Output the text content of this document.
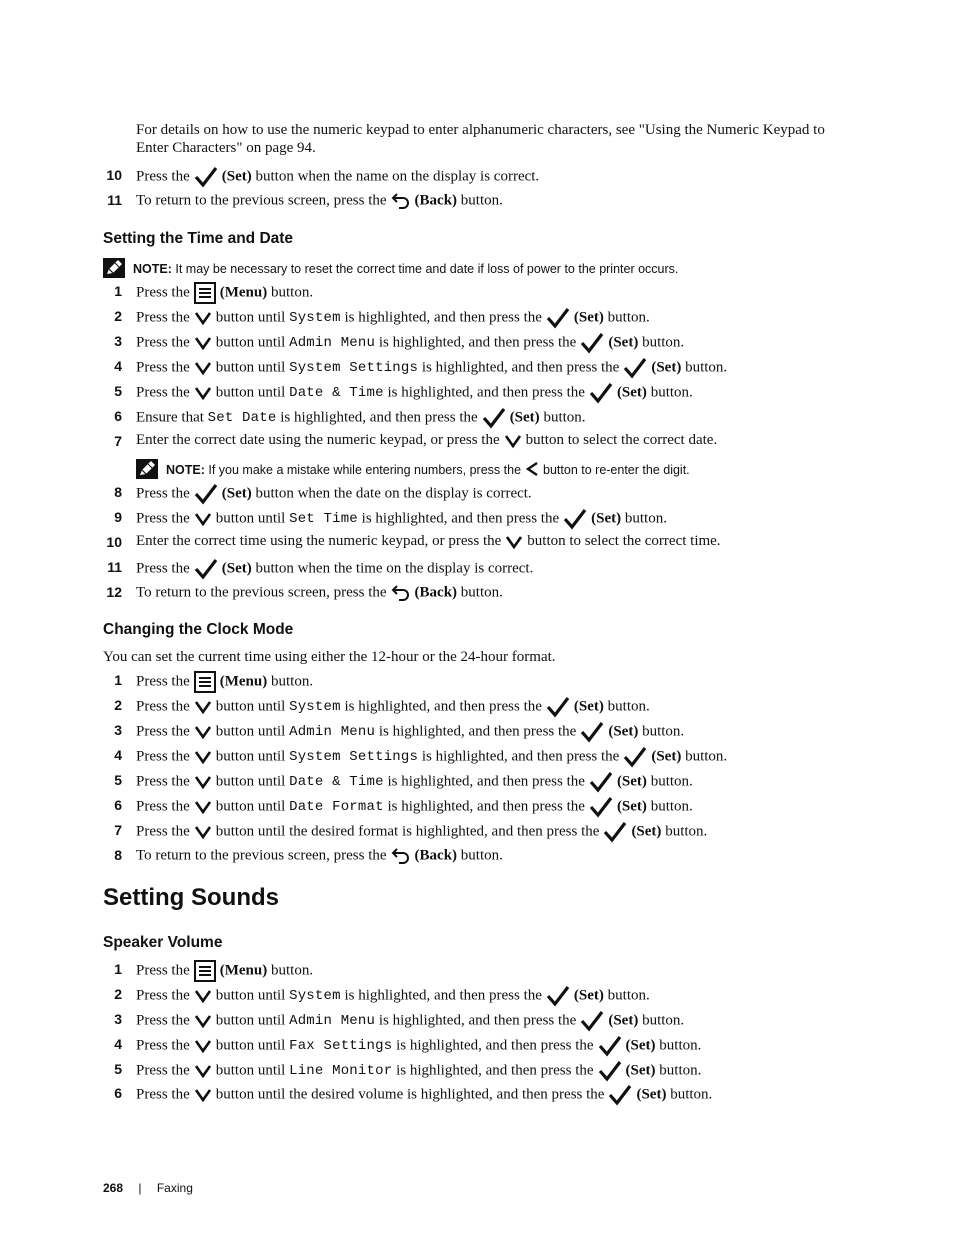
For details on how to use the numeric keypad to enter alphanumeric characters, see "Using the Numeric Keypad to Enter Characters" on page 94.
10 Press the (Set) button when the name on the display is correct.
11 To return to the previous screen, press the (Back) button.
Setting the Time and Date
NOTE: It may be necessary to reset the correct time and date if loss of power to the printer occurs.
1 Press the (Menu) button.
2 Press the button until System is highlighted, and then press the (Set) button.
3 Press the button until Admin Menu is highlighted, and then press the (Set) button.
4 Press the button until System Settings is highlighted, and then press the (Set) button.
5 Press the button until Date & Time is highlighted, and then press the (Set) button.
6 Ensure that Set Date is highlighted, and then press the (Set) button.
7 Enter the correct date using the numeric keypad, or press the button to select the correct date.
NOTE: If you make a mistake while entering numbers, press the button to re-enter the digit.
8 Press the (Set) button when the date on the display is correct.
9 Press the button until Set Time is highlighted, and then press the (Set) button.
10 Enter the correct time using the numeric keypad, or press the button to select the correct time.
11 Press the (Set) button when the time on the display is correct.
12 To return to the previous screen, press the (Back) button.
Changing the Clock Mode
You can set the current time using either the 12-hour or the 24-hour format.
1 Press the (Menu) button.
2 Press the button until System is highlighted, and then press the (Set) button.
3 Press the button until Admin Menu is highlighted, and then press the (Set) button.
4 Press the button until System Settings is highlighted, and then press the (Set) button.
5 Press the button until Date & Time is highlighted, and then press the (Set) button.
6 Press the button until Date Format is highlighted, and then press the (Set) button.
7 Press the button until the desired format is highlighted, and then press the (Set) button.
8 To return to the previous screen, press the (Back) button.
Setting Sounds
Speaker Volume
1 Press the (Menu) button.
2 Press the button until System is highlighted, and then press the (Set) button.
3 Press the button until Admin Menu is highlighted, and then press the (Set) button.
4 Press the button until Fax Settings is highlighted, and then press the (Set) button.
5 Press the button until Line Monitor is highlighted, and then press the (Set) button.
6 Press the button until the desired volume is highlighted, and then press the (Set) button.
268 | Faxing
